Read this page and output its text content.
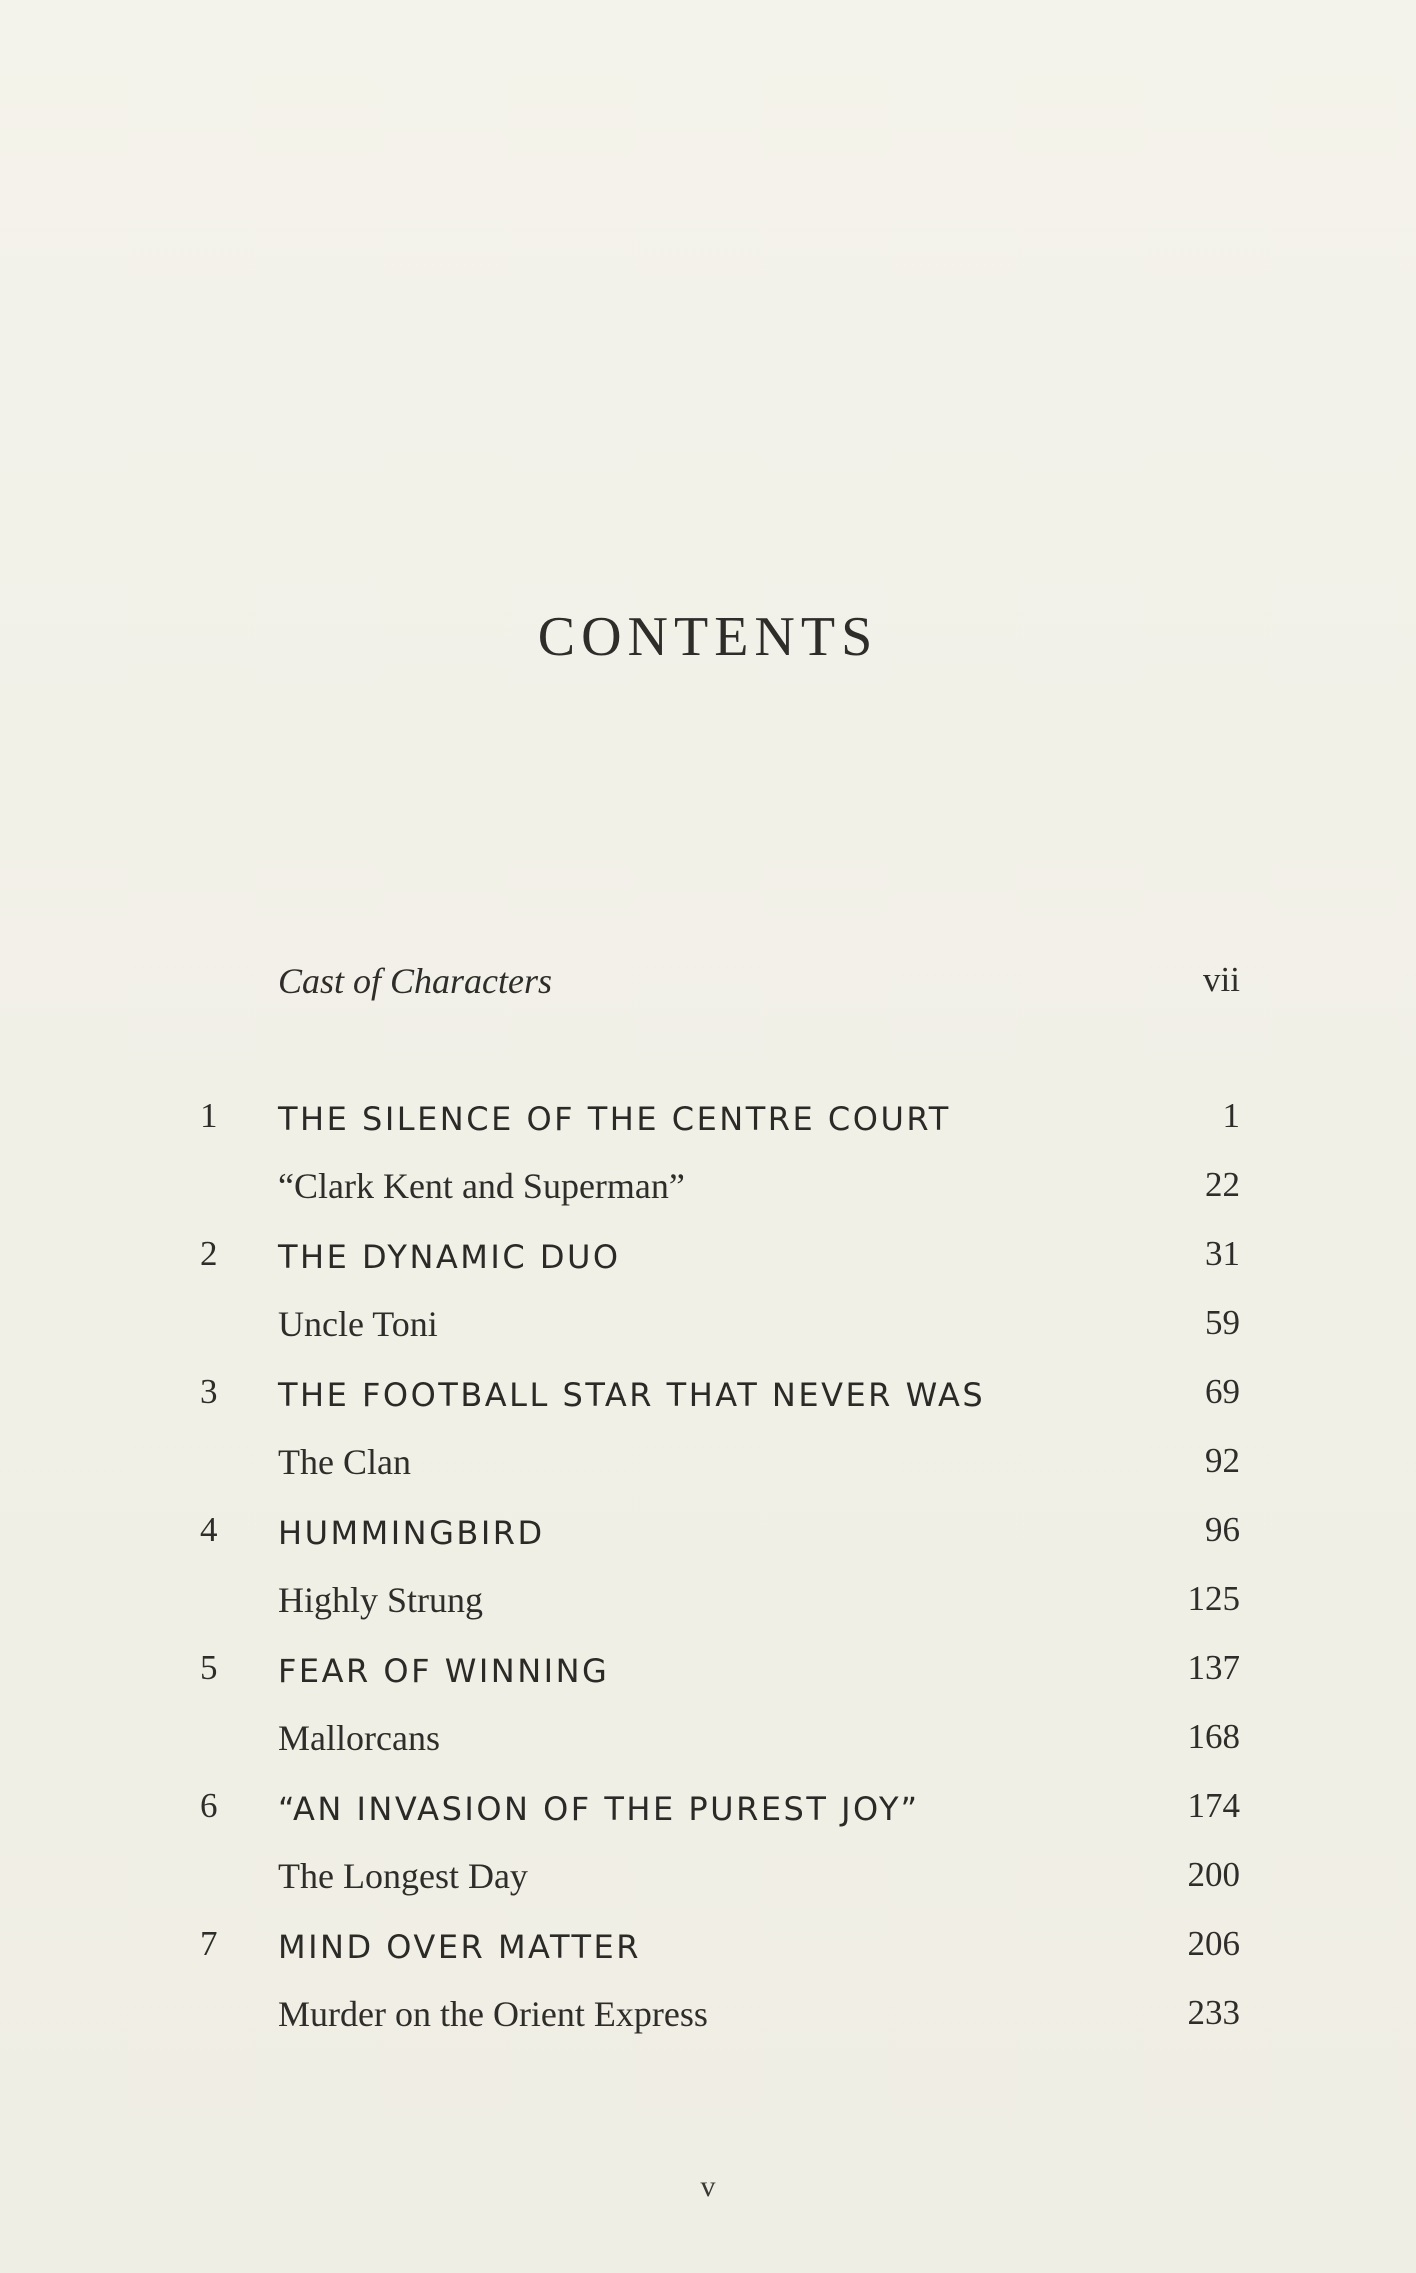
CONTENTS
Cast of Characters	vii
1 THE SILENCE OF THE CENTRE COURT	1
“Clark Kent and Superman”	22
2 THE DYNAMIC DUO	31
Uncle Toni	59
3 THE FOOTBALL STAR THAT NEVER WAS	69
The Clan	92
4 HUMMINGBIRD	96
Highly Strung	125
5 FEAR OF WINNING	137
Mallorcans	168
6 “AN INVASION OF THE PUREST JOY”	174
The Longest Day	200
7 MIND OVER MATTER	206
Murder on the Orient Express	233
v
